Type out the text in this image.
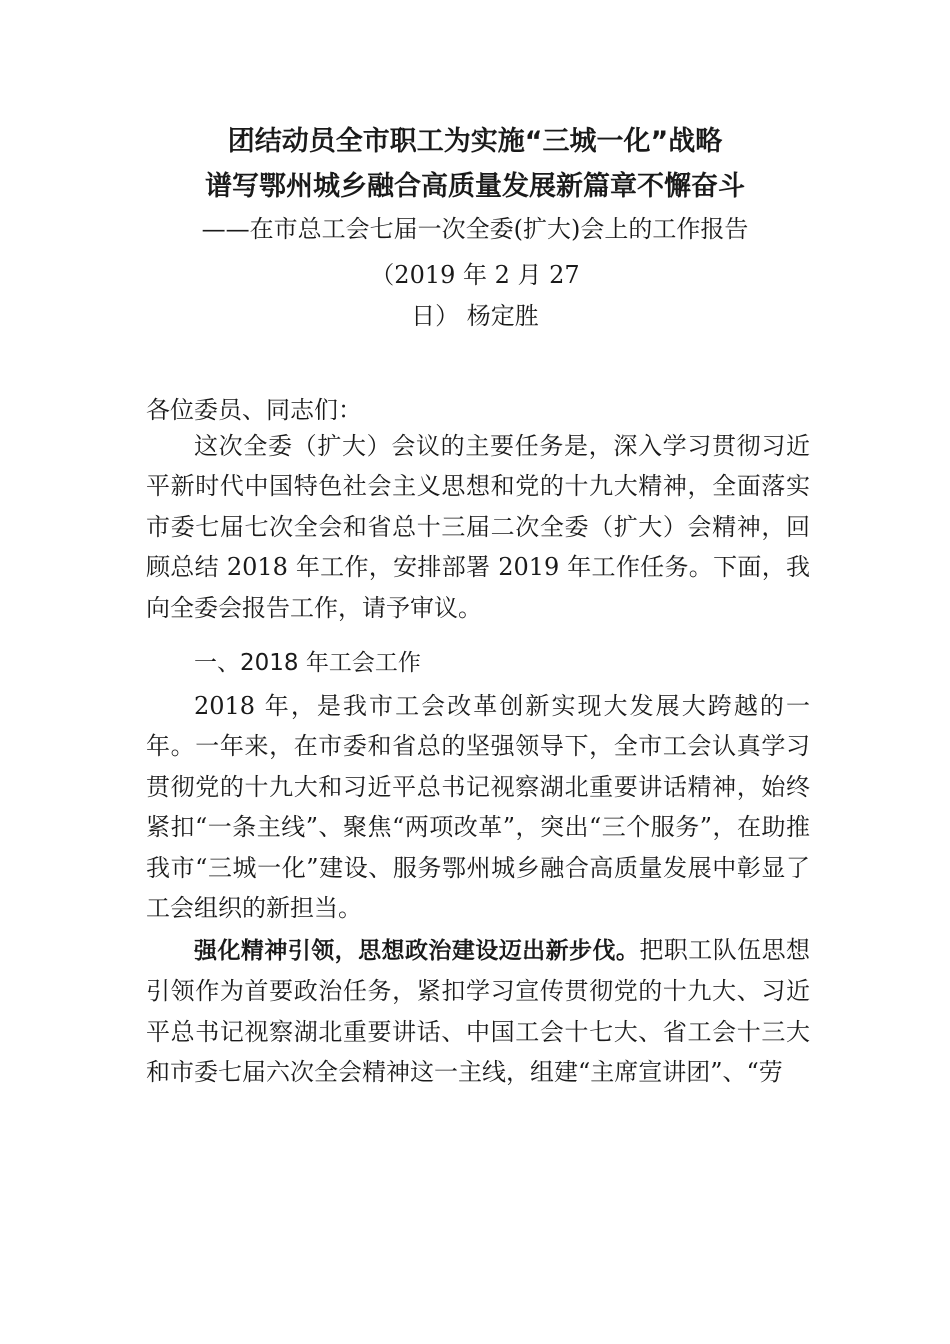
团结动员全市职工为实施“三城一化”战略
谱写鄂州城乡融合高质量发展新篇章不懈奋斗
——在市总工会七届一次全委(扩大)会上的工作报告
（2019 年 2 月 27
日） 杨定胜
各位委员、同志们：
这次全委（扩大）会议的主要任务是，深入学习贯彻习近平新时代中国特色社会主义思想和党的十九大精神，全面落实市委七届七次全会和省总十三届二次全委（扩大）会精神，回顾总结 2018 年工作，安排部署 2019 年工作任务。下面，我向全委会报告工作，请予审议。
一、2018 年工会工作
2018 年，是我市工会改革创新实现大发展大跨越的一年。一年来，在市委和省总的坚强领导下，全市工会认真学习贯彻党的十九大和习近平总书记视察湖北重要讲话精神，始终紧扣“一条主线”、聚焦“两项改革”，突出“三个服务”，在助推我市“三城一化”建设、服务鄂州城乡融合高质量发展中彰显了工会组织的新担当。
强化精神引领，思想政治建设迈出新步伐。把职工队伍思想引领作为首要政治任务，紧扣学习宣传贯彻党的十九大、习近平总书记视察湖北重要讲话、中国工会十七大、省工会十三大和市委七届六次全会精神这一主线，组建“主席宣讲团”、“劳
